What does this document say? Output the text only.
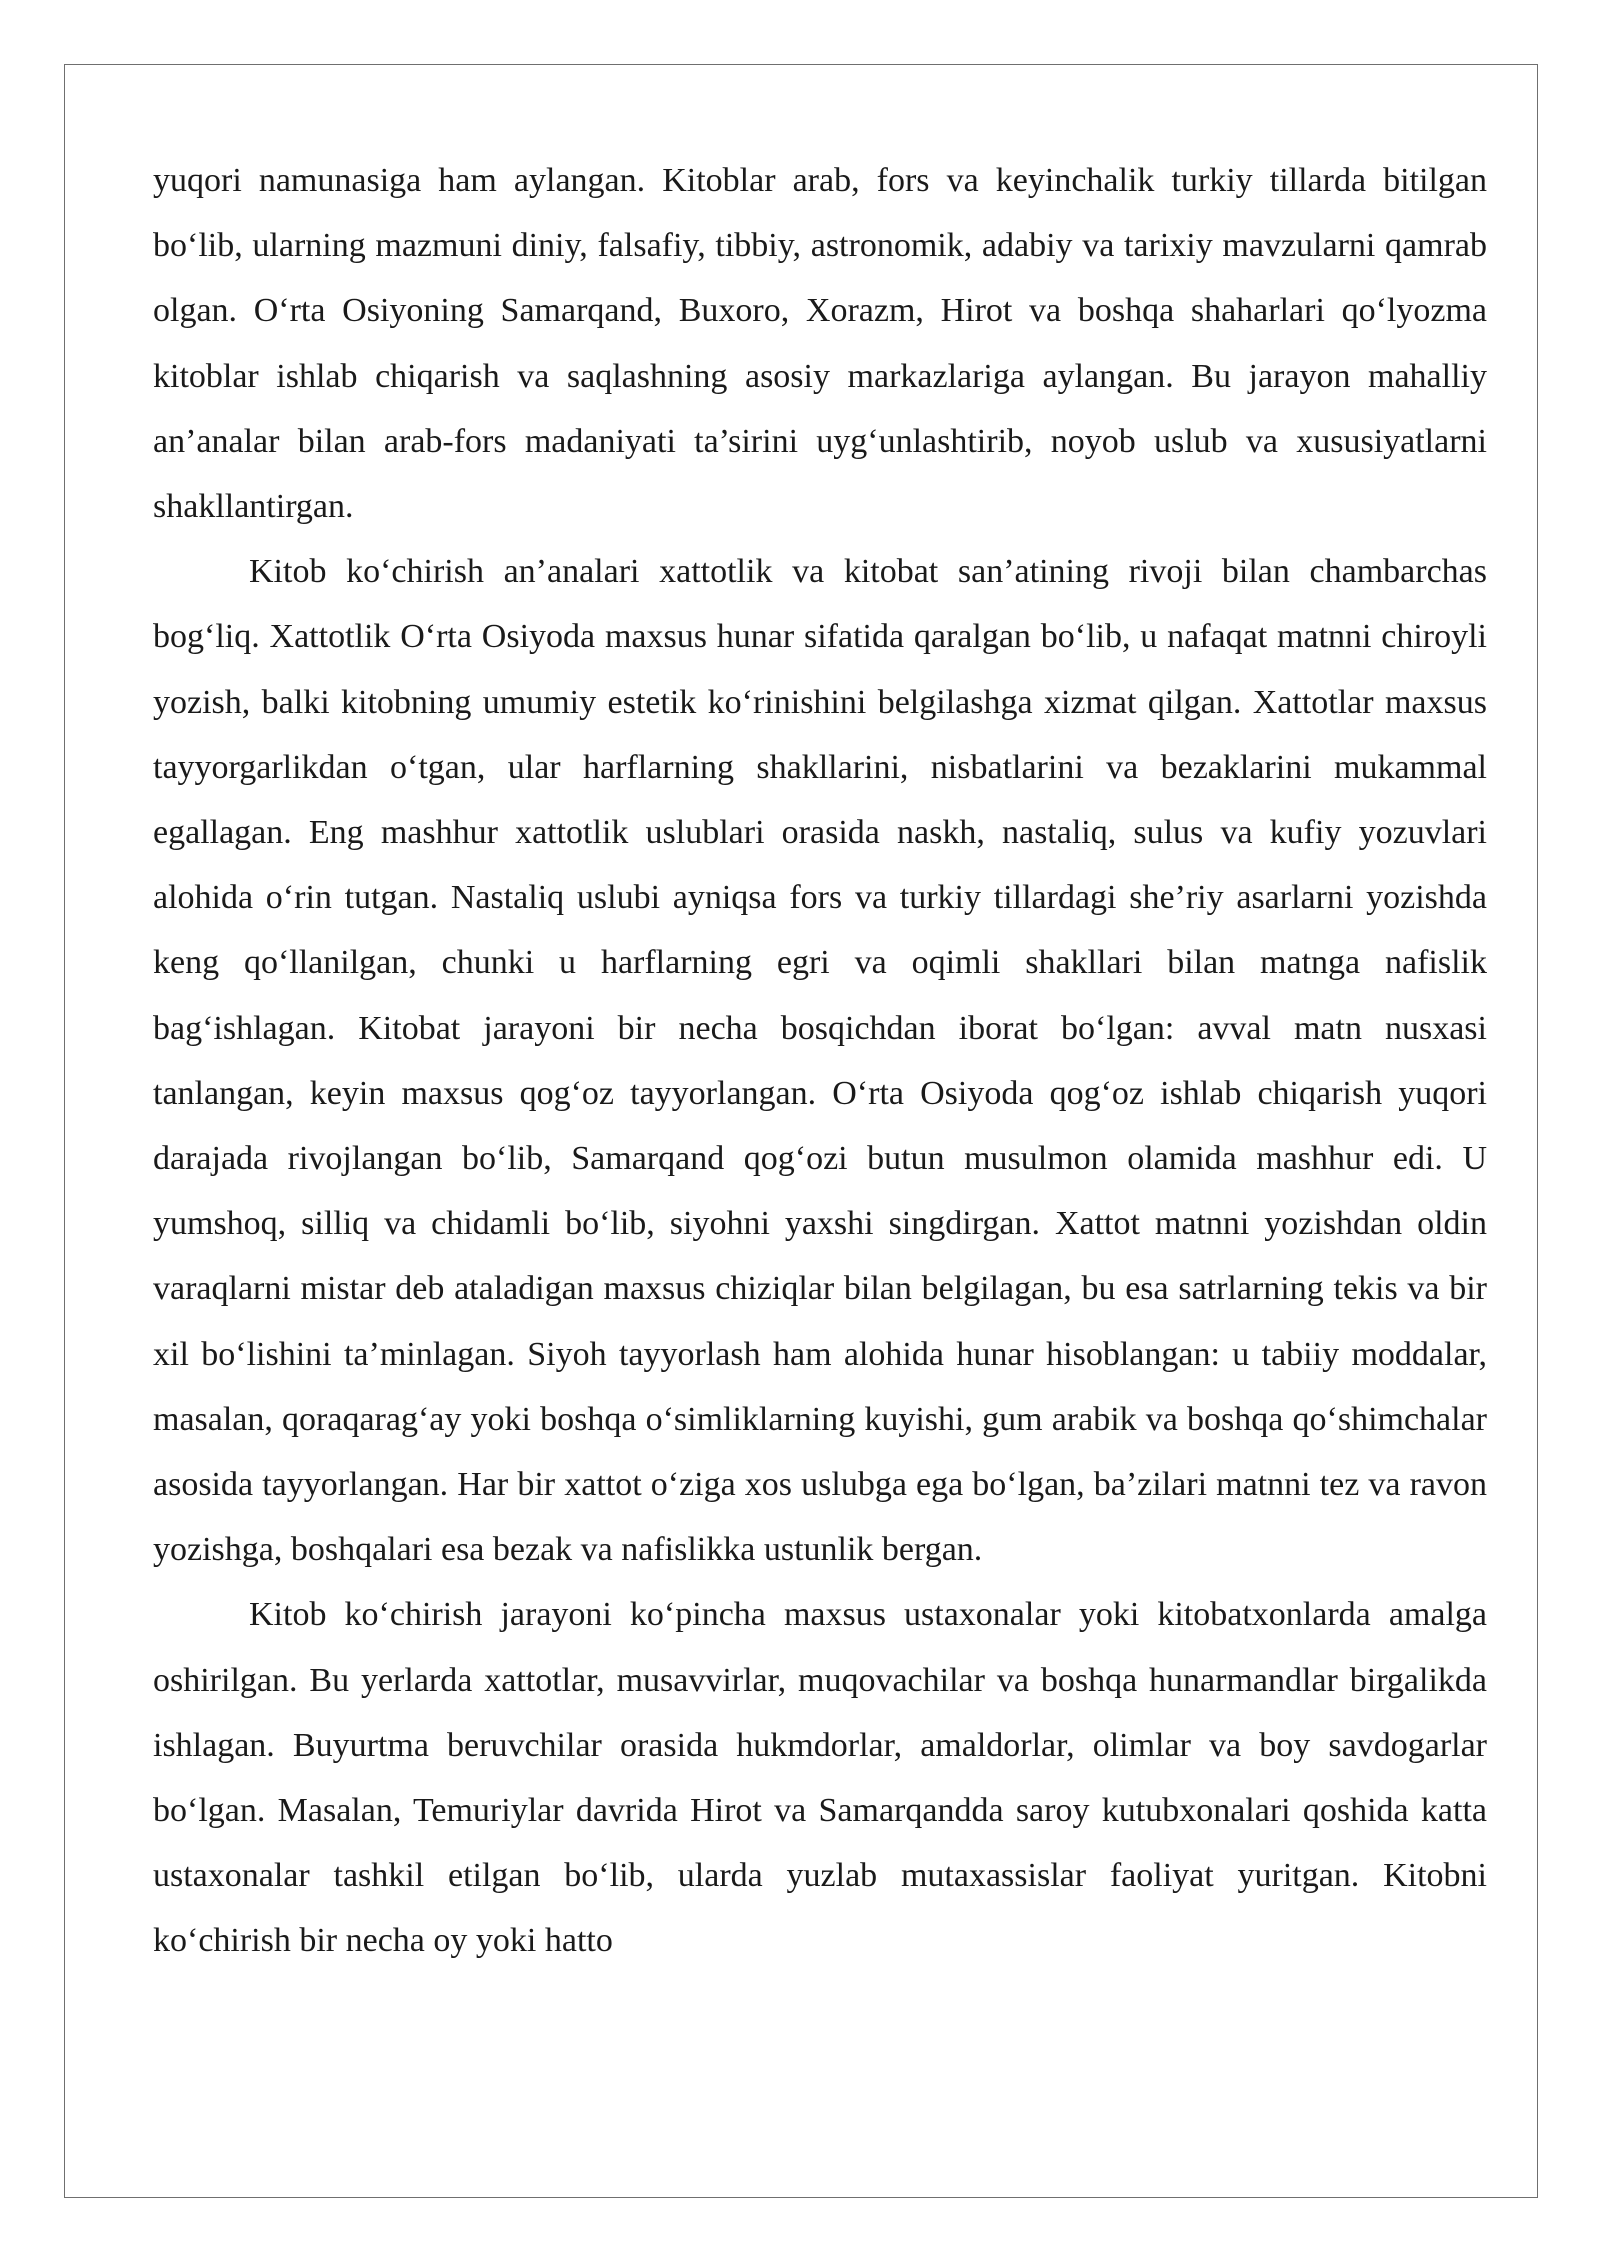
yuqori namunasiga ham aylangan. Kitoblar arab, fors va keyinchalik turkiy tillarda bitilgan bo‘lib, ularning mazmuni diniy, falsafiy, tibbiy, astronomik, adabiy va tarixiy mavzularni qamrab olgan. O‘rta Osiyoning Samarqand, Buxoro, Xorazm, Hirot va boshqa shaharlari qo‘lyozma kitoblar ishlab chiqarish va saqlashning asosiy markazlariga aylangan. Bu jarayon mahalliy an’analar bilan arab-fors madaniyati ta’sirini uyg‘unlashtirib, noyob uslub va xususiyatlarni shakllantirgan.

Kitob ko‘chirish an’analari xattotlik va kitobat san’atining rivoji bilan chambarchas bog‘liq. Xattotlik O‘rta Osiyoda maxsus hunar sifatida qaralgan bo‘lib, u nafaqat matnni chiroyli yozish, balki kitobning umumiy estetik ko‘rinishini belgilashga xizmat qilgan. Xattotlar maxsus tayyorgarlikdan o‘tgan, ular harflarning shakllarini, nisbatlarini va bezaklarini mukammal egallagan. Eng mashhur xattotlik uslublari orasida naskh, nastaliq, sulus va kufiy yozuvlari alohida o‘rin tutgan. Nastaliq uslubi ayniqsa fors va turkiy tillardagi she’riy asarlarni yozishda keng qo‘llanilgan, chunki u harflarning egri va oqimli shakllari bilan matnga nafislik bag‘ishlagan. Kitobat jarayoni bir necha bosqichdan iborat bo‘lgan: avval matn nusxasi tanlangan, keyin maxsus qog‘oz tayyorlangan. O‘rta Osiyoda qog‘oz ishlab chiqarish yuqori darajada rivojlangan bo‘lib, Samarqand qog‘ozi butun musulmon olamida mashhur edi. U yumshoq, silliq va chidamli bo‘lib, siyohni yaxshi singdirgan. Xattot matnni yozishdan oldin varaqlarni mistar deb ataladigan maxsus chiziqlar bilan belgilagan, bu esa satrlarning tekis va bir xil bo‘lishini ta’minlagan. Siyoh tayyorlash ham alohida hunar hisoblangan: u tabiiy moddalar, masalan, qoraqarag‘ay yoki boshqa o‘simliklarning kuyishi, gum arabik va boshqa qo‘shimchalar asosida tayyorlangan. Har bir xattot o‘ziga xos uslubga ega bo‘lgan, ba’zilari matnni tez va ravon yozishga, boshqalari esa bezak va nafislikka ustunlik bergan.

Kitob ko‘chirish jarayoni ko‘pincha maxsus ustaxonalar yoki kitobatxonlarda amalga oshirilgan. Bu yerlarda xattotlar, musavvirlar, muqovachilar va boshqa hunarmandlar birgalikda ishlagan. Buyurtma beruvchilar orasida hukmdorlar, amaldorlar, olimlar va boy savdogarlar bo‘lgan. Masalan, Temuriylar davrida Hirot va Samarqandda saroy kutubxonalari qoshida katta ustaxonalar tashkil etilgan bo‘lib, ularda yuzlab mutaxassislar faoliyat yuritgan. Kitobni ko‘chirish bir necha oy yoki hatto
